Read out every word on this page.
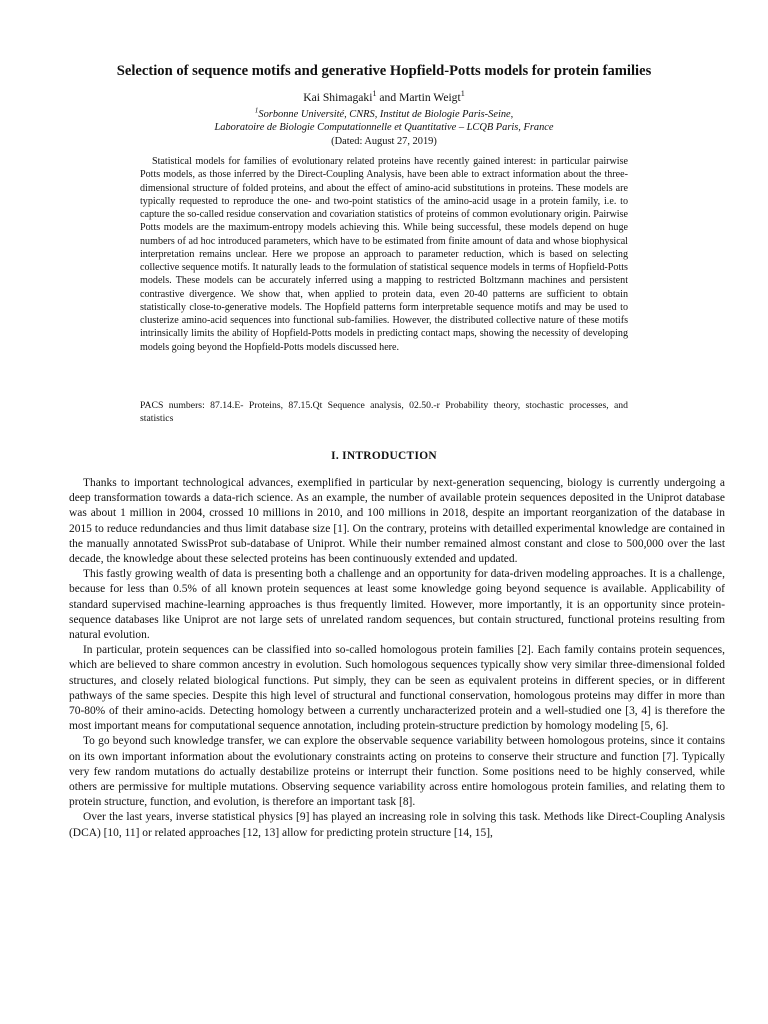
Selection of sequence motifs and generative Hopfield-Potts models for protein families
Kai Shimagaki$^1$ and Martin Weigt$^1$
$^1$Sorbonne Université, CNRS, Institut de Biologie Paris-Seine,
Laboratoire de Biologie Computationnelle et Quantitative – LCQB Paris, France
(Dated: August 27, 2019)

Statistical models for families of evolutionary related proteins have recently gained interest: in particular pairwise Potts models, as those inferred by the Direct-Coupling Analysis, have been able to extract information about the three-dimensional structure of folded proteins, and about the effect of amino-acid substitutions in proteins. These models are typically requested to reproduce the one- and two-point statistics of the amino-acid usage in a protein family, i.e. to capture the so-called residue conservation and covariation statistics of proteins of common evolutionary origin. Pairwise Potts models are the maximum-entropy models achieving this. While being successful, these models depend on huge numbers of ad hoc introduced parameters, which have to be estimated from finite amount of data and whose biophysical interpretation remains unclear. Here we propose an approach to parameter reduction, which is based on selecting collective sequence motifs. It naturally leads to the formulation of statistical sequence models in terms of Hopfield-Potts models. These models can be accurately inferred using a mapping to restricted Boltzmann machines and persistent contrastive divergence. We show that, when applied to protein data, even 20-40 patterns are sufficient to obtain statistically close-to-generative models. The Hopfield patterns form interpretable sequence motifs and may be used to clusterize amino-acid sequences into functional sub-families. However, the distributed collective nature of these motifs intrinsically limits the ability of Hopfield-Potts models in predicting contact maps, showing the necessity of developing models going beyond the Hopfield-Potts models discussed here.

PACS numbers: 87.14.E- Proteins, 87.15.Qt Sequence analysis, 02.50.-r Probability theory, stochastic processes, and statistics
I. INTRODUCTION

Thanks to important technological advances, exemplified in particular by next-generation sequencing, biology is currently undergoing a deep transformation towards a data-rich science. As an example, the number of available protein sequences deposited in the Uniprot database was about 1 million in 2004, crossed 10 millions in 2010, and 100 millions in 2018, despite an important reorganization of the database in 2015 to reduce redundancies and thus limit database size [1]. On the contrary, proteins with detailled experimental knowledge are contained in the manually annotated SwissProt sub-database of Uniprot. While their number remained almost constant and close to 500,000 over the last decade, the knowledge about these selected proteins has been continuously extended and updated.

This fastly growing wealth of data is presenting both a challenge and an opportunity for data-driven modeling approaches. It is a challenge, because for less than 0.5% of all known protein sequences at least some knowledge going beyond sequence is available. Applicability of standard supervised machine-learning approaches is thus frequently limited. However, more importantly, it is an opportunity since protein-sequence databases like Uniprot are not large sets of unrelated random sequences, but contain structured, functional proteins resulting from natural evolution.

In particular, protein sequences can be classified into so-called homologous protein families [2]. Each family contains protein sequences, which are believed to share common ancestry in evolution. Such homologous sequences typically show very similar three-dimensional folded structures, and closely related biological functions. Put simply, they can be seen as equivalent proteins in different species, or in different pathways of the same species. Despite this high level of structural and functional conservation, homologous proteins may differ in more than 70-80% of their amino-acids. Detecting homology between a currently uncharacterized protein and a well-studied one [3, 4] is therefore the most important means for computational sequence annotation, including protein-structure prediction by homology modeling [5, 6].

To go beyond such knowledge transfer, we can explore the observable sequence variability between homologous proteins, since it contains on its own important information about the evolutionary constraints acting on proteins to conserve their structure and function [7]. Typically very few random mutations do actually destabilize proteins or interrupt their function. Some positions need to be highly conserved, while others are permissive for multiple mutations. Observing sequence variability across entire homologous protein families, and relating them to protein structure, function, and evolution, is therefore an important task [8].

Over the last years, inverse statistical physics [9] has played an increasing role in solving this task. Methods like Direct-Coupling Analysis (DCA) [10, 11] or related approaches [12, 13] allow for predicting protein structure [14, 15],
